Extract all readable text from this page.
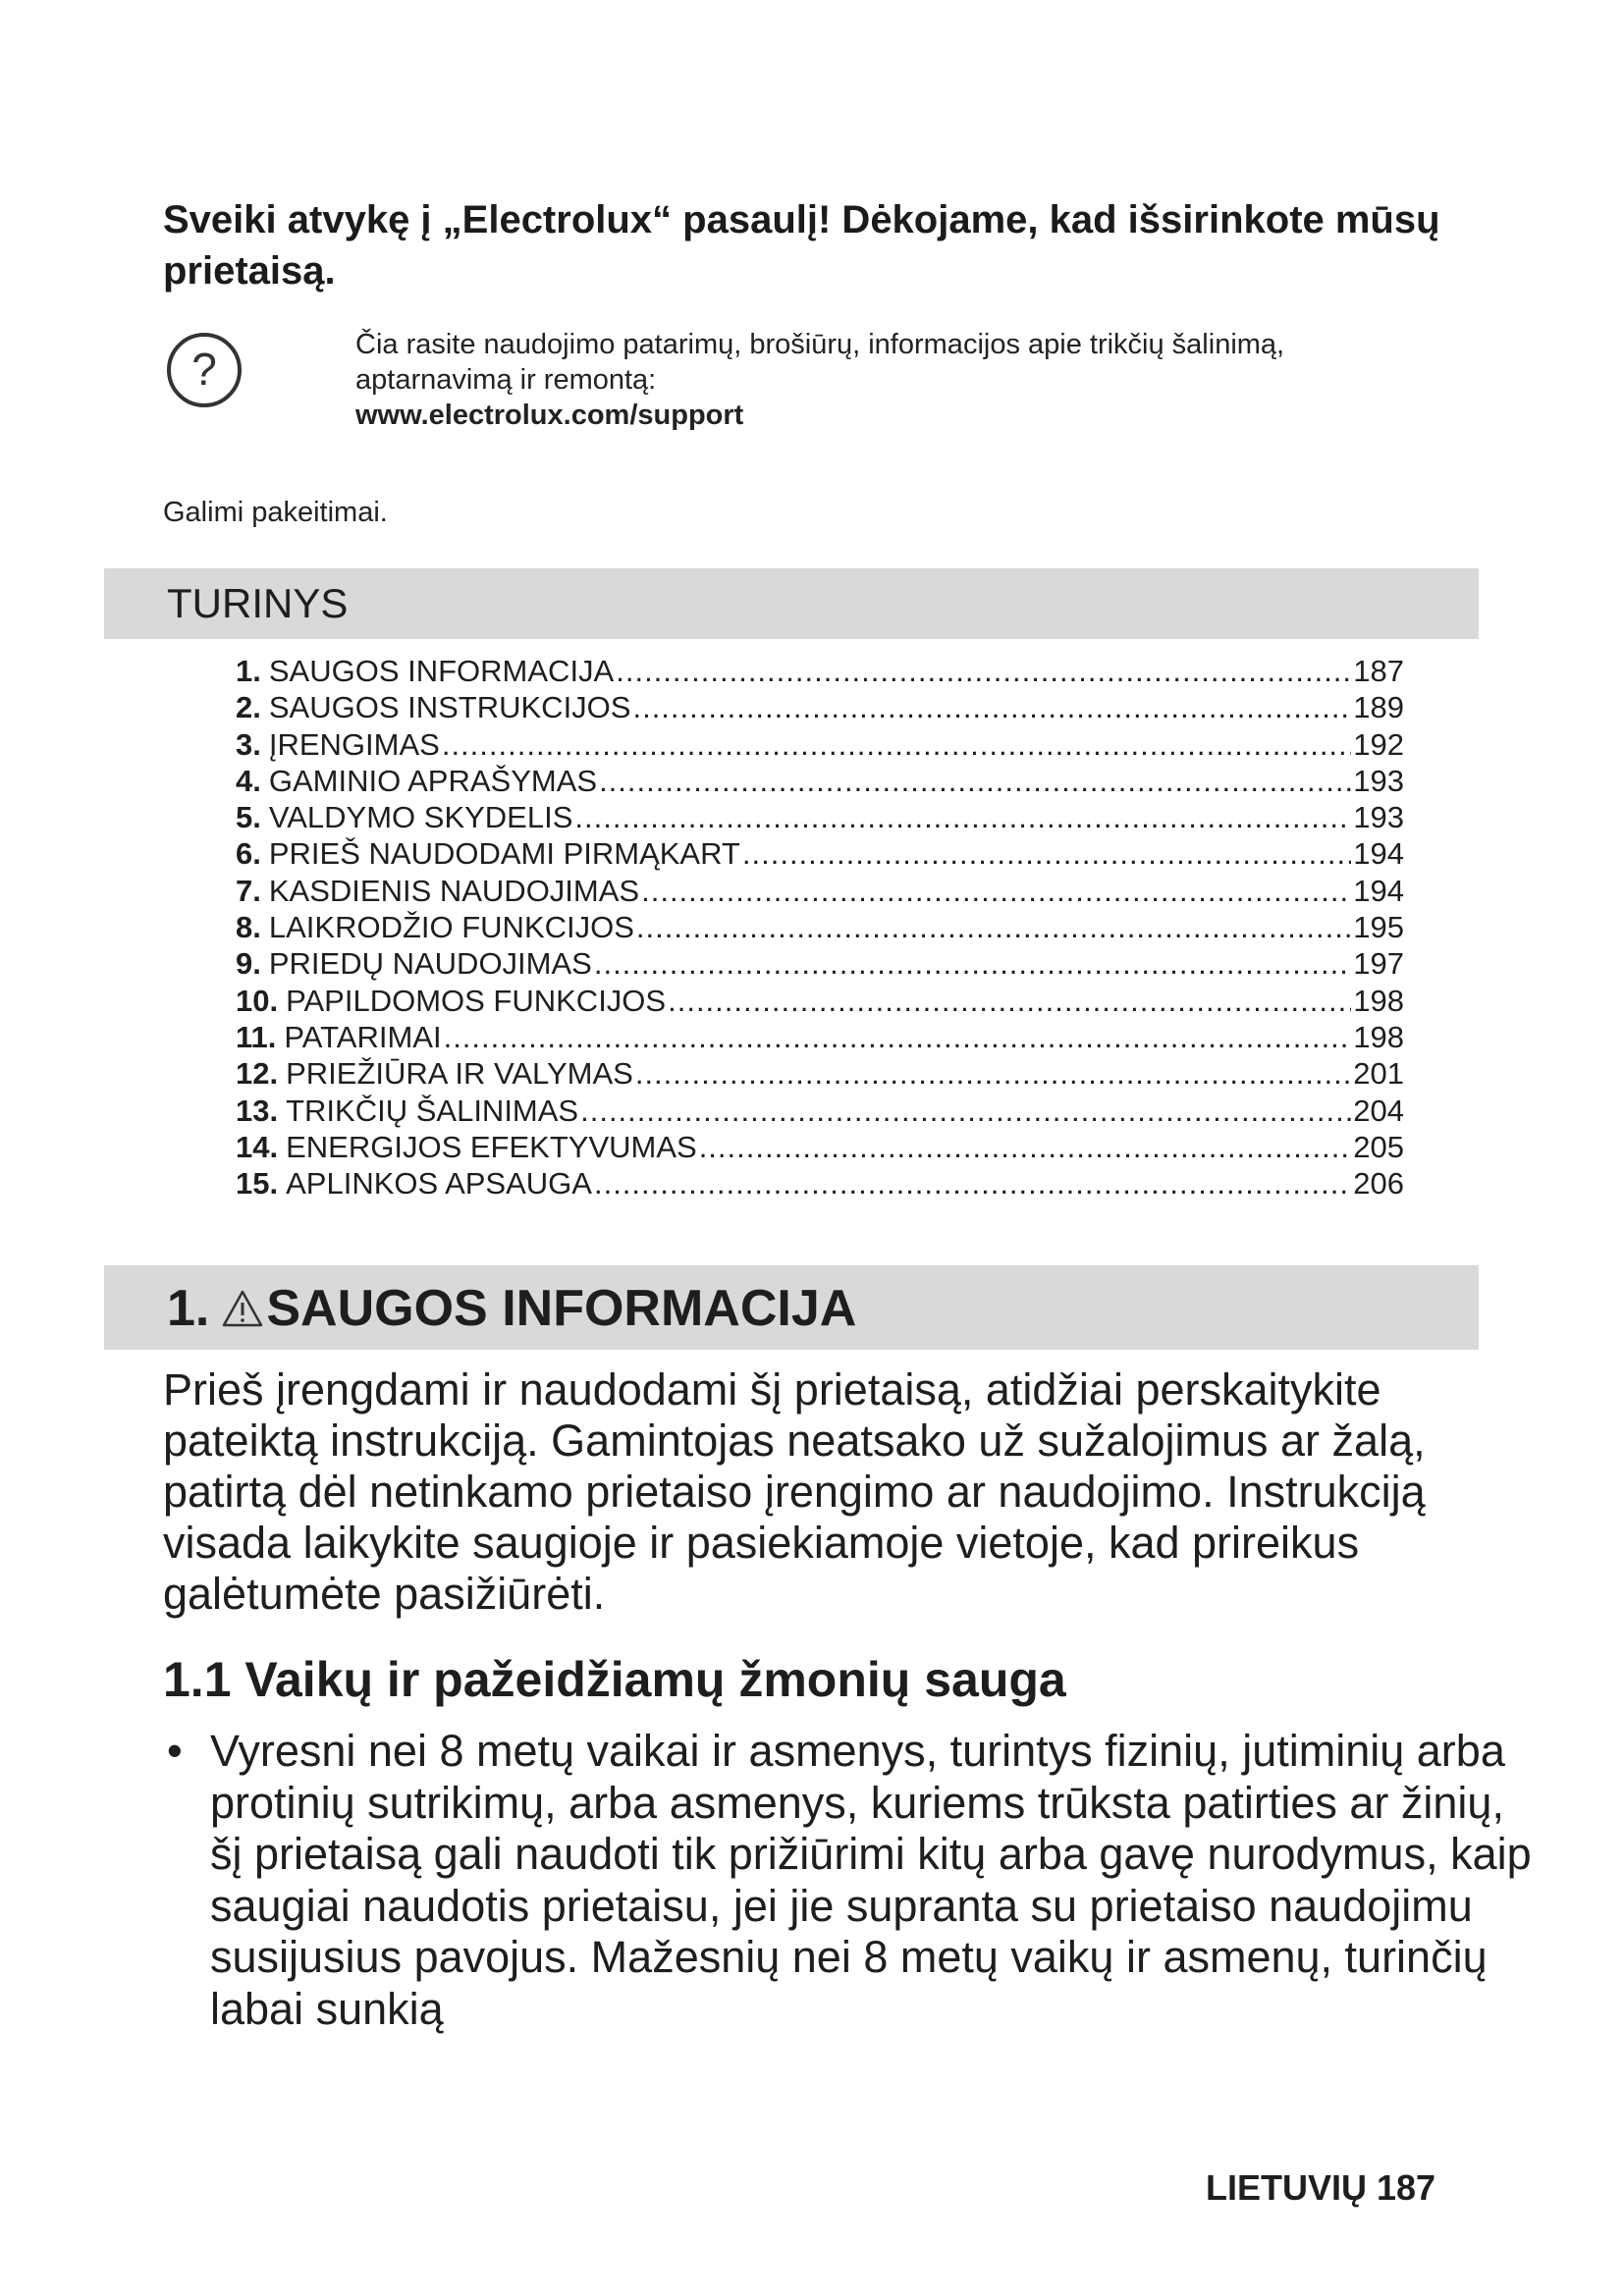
Sveiki atvykę į „Electrolux“ pasaulį! Dėkojame, kad išsirinkote mūsų prietaisą.
?	Čia rasite naudojimo patarimų, brošiūrų, informacijos apie trikčių šalinimą,
aptarnavimą ir remontą:
www.electrolux.com/support
Galimi pakeitimai.
TURINYS
1. SAUGOS INFORMACIJA .....	187
2. SAUGOS INSTRUKCIJOS .....	189
3. ĮRENGIMAS .....	192
4. GAMINIO APRAŠYMAS .....	193
5. VALDYMO SKYDELIS .....	193
6. PRIEŠ NAUDODAMI PIRMĄKART .....	194
7. KASDIENIS NAUDOJIMAS .....	194
8. LAIKRODŽIO FUNKCIJOS .....	195
9. PRIEDŲ NAUDOJIMAS .....	197
10. PAPILDOMOS FUNKCIJOS .....	198
11. PATARIMAI .....	198
12. PRIEŽIŪRA IR VALYMAS .....	201
13. TRIKČIŲ ŠALINIMAS .....	204
14. ENERGIJOS EFEKTYVUMAS .....	205
15. APLINKOS APSAUGA .....	206
1. SAUGOS INFORMACIJA

Prieš įrengdami ir naudodami šį prietaisą, atidžiai perskaitykite pateiktą instrukciją. Gamintojas neatsako už sužalojimus ar žalą, patirtą dėl netinkamo prietaiso įrengimo ar naudojimo. Instrukciją visada laikykite saugioje ir pasiekiamoje vietoje, kad prireikus galėtumėte pasižiūrėti.

1.1 Vaikų ir pažeidžiamų žmonių sauga

• Vyresni nei 8 metų vaikai ir asmenys, turintys fizinių, jutiminių arba protinių sutrikimų, arba asmenys, kuriems trūksta patirties ar žinių, šį prietaisą gali naudoti tik prižiūrimi kitų arba gavę nurodymus, kaip saugiai naudotis prietaisu, jei jie supranta su prietaiso naudojimu susijusius pavojus. Mažesnių nei 8 metų vaikų ir asmenų, turinčių labai sunkią

LIETUVIŲ 187
